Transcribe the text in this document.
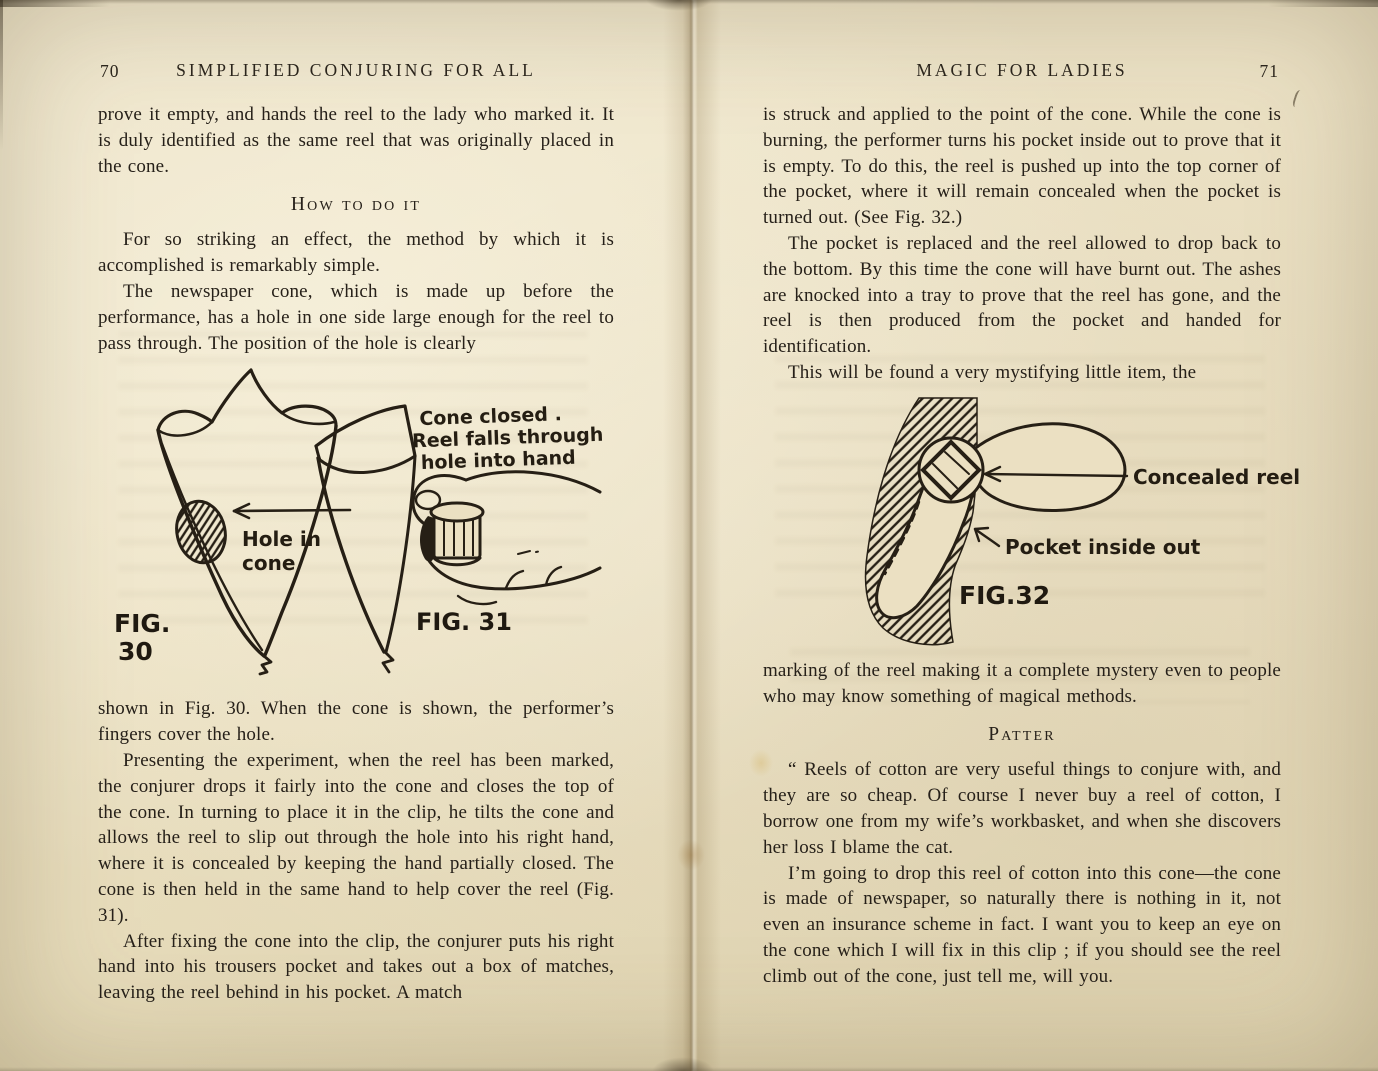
70	SIMPLIFIED CONJURING FOR ALL

prove it empty, and hands the reel to the lady who marked it. It is duly identified as the same reel that was originally placed in the cone.

How to do it

For so striking an effect, the method by which it is accomplished is remarkably simple.

The newspaper cone, which is made up before the performance, has a hole in one side large enough for the reel to pass through. The position of the hole is clearly

Hole in
cone
FIG.
30
Cone closed .
Reel falls through
hole into hand
FIG. 31

shown in Fig. 30. When the cone is shown, the performer’s fingers cover the hole.

Presenting the experiment, when the reel has been marked, the conjurer drops it fairly into the cone and closes the top of the cone. In turning to place it in the clip, he tilts the cone and allows the reel to slip out through the hole into his right hand, where it is concealed by keeping the hand partially closed. The cone is then held in the same hand to help cover the reel (Fig. 31).

After fixing the cone into the clip, the conjurer puts his right hand into his trousers pocket and takes out a box of matches, leaving the reel behind in his pocket. A match

MAGIC FOR LADIES	71

is struck and applied to the point of the cone. While the cone is burning, the performer turns his pocket inside out to prove that it is empty. To do this, the reel is pushed up into the top corner of the pocket, where it will remain concealed when the pocket is turned out. (See Fig. 32.)

The pocket is replaced and the reel allowed to drop back to the bottom. By this time the cone will have burnt out. The ashes are knocked into a tray to prove that the reel has gone, and the reel is then produced from the pocket and handed for identification.

This will be found a very mystifying little item, the

Concealed reel
Pocket inside out
FIG.32

marking of the reel making it a complete mystery even to people who may know something of magical methods.

Patter

“ Reels of cotton are very useful things to conjure with, and they are so cheap. Of course I never buy a reel of cotton, I borrow one from my wife’s workbasket, and when she discovers her loss I blame the cat.

I’m going to drop this reel of cotton into this cone—the cone is made of newspaper, so naturally there is nothing in it, not even an insurance scheme in fact. I want you to keep an eye on the cone which I will fix in this clip ; if you should see the reel climb out of the cone, just tell me, will you.
